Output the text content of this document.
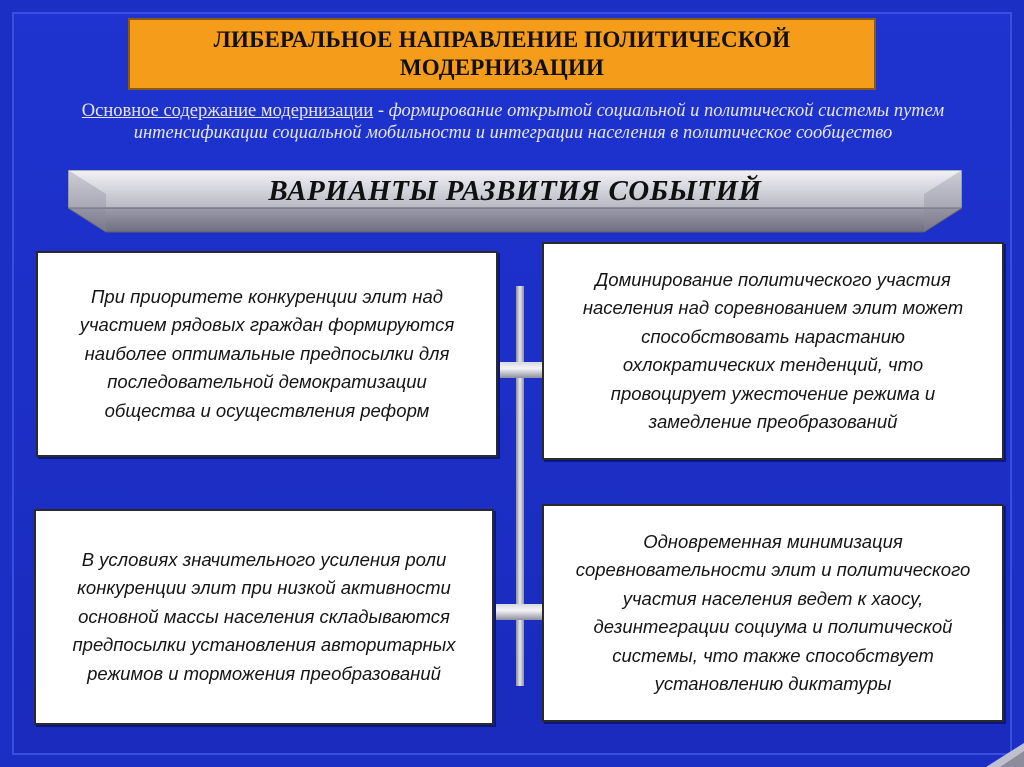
ЛИБЕРАЛЬНОЕ НАПРАВЛЕНИЕ ПОЛИТИЧЕСКОЙ МОДЕРНИЗАЦИИ
Основное содержание модернизации - формирование открытой социальной и политической системы путем интенсификации социальной мобильности и интеграции населения в политическое сообщество
ВАРИАНТЫ РАЗВИТИЯ СОБЫТИЙ
При приоритете конкуренции элит над участием рядовых граждан формируются наиболее оптимальные предпосылки для последовательной демократизации общества и осуществления реформ
Доминирование политического участия населения над соревнованием элит может способствовать нарастанию охлократических тенденций, что провоцирует ужесточение режима и замедление преобразований
В условиях значительного усиления роли конкуренции элит при низкой активности основной массы населения складываются предпосылки установления авторитарных режимов и торможения преобразований
Одновременная минимизация соревновательности элит и политического участия населения ведет к хаосу, дезинтеграции социума и политической системы, что также способствует установлению диктатуры
